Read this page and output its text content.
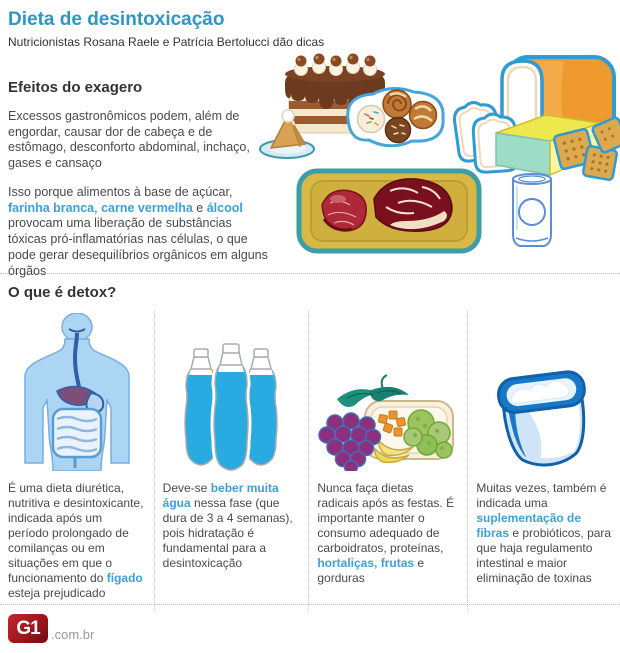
Dieta de desintoxicação
Nutricionistas Rosana Raele e Patrícia Bertolucci dão dicas
Efeitos do exagero

Excessos gastronômicos podem, além de engordar, causar dor de cabeça e de estômago, desconforto abdominal, inchaço, gases e cansaço

Isso porque alimentos à base de açúcar, farinha branca, carne vermelha e álcool provocam uma liberação de substâncias tóxicas pró-inflamatórias nas células, o que pode gerar desequilíbrios orgânicos em alguns órgãos

O que é detox?

É uma dieta diurética, nutritiva e desintoxicante, indicada após um período prolongado de comilanças ou em situações em que o funcionamento do fígado esteja prejudicado

Deve-se beber muita água nessa fase (que dura de 3 a 4 semanas), pois hidratação é fundamental para a desintoxicação

Nunca faça dietas radicais após as festas. É importante manter o consumo adequado de carboidratos, proteínas, hortaliças, frutas e gorduras

Muitas vezes, também é indicada uma suplementação de fibras e probióticos, para que haja regulamento intestinal e maior eliminação de toxinas

G1 .com.br
